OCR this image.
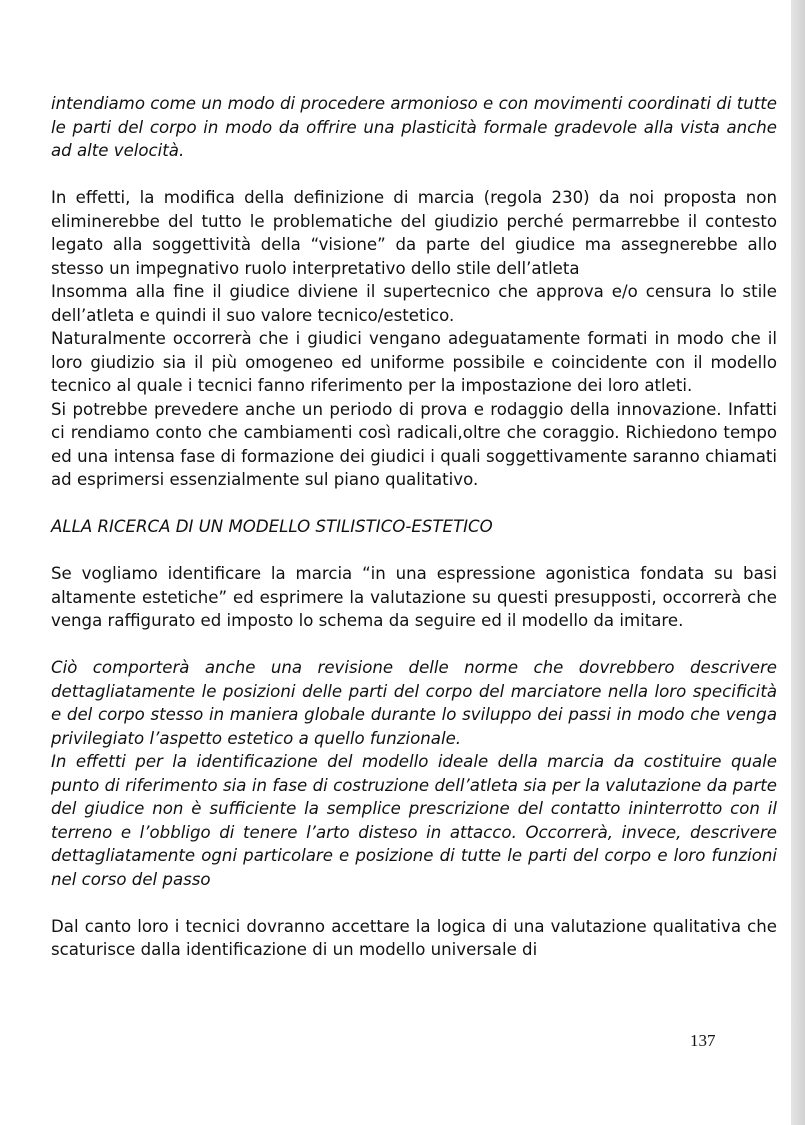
intendiamo come un modo di procedere armonioso e con movimenti coordinati di tutte le parti del corpo in modo da offrire una plasticità formale gradevole alla vista anche ad alte velocità.

In effetti, la modifica della definizione di marcia (regola 230) da noi proposta non eliminerebbe del tutto le problematiche del giudizio perché permarrebbe il contesto legato alla soggettività della “visione” da parte del giudice ma assegnerebbe allo stesso un impegnativo ruolo interpretativo dello stile dell’atleta

Insomma alla fine il giudice diviene il supertecnico che approva e/o censura lo stile dell’atleta e quindi il suo valore tecnico/estetico.

Naturalmente occorrerà che i giudici vengano adeguatamente formati in modo che il loro giudizio sia il più omogeneo ed uniforme possibile e coincidente con il modello tecnico al quale i tecnici fanno riferimento per la impostazione dei loro atleti.

Si potrebbe prevedere anche un periodo di prova e rodaggio della innovazione. Infatti ci rendiamo conto che cambiamenti così radicali,oltre che coraggio. Richiedono tempo ed una intensa fase di formazione dei giudici i quali soggettivamente saranno chiamati ad esprimersi essenzialmente sul piano qualitativo.

ALLA RICERCA DI UN MODELLO STILISTICO-ESTETICO

Se vogliamo identificare la marcia “in una espressione agonistica fondata su basi altamente estetiche” ed esprimere la valutazione su questi presupposti, occorrerà che venga raffigurato ed imposto lo schema da seguire ed il modello da imitare.

Ciò comporterà anche una revisione delle norme che dovrebbero descrivere dettagliatamente le posizioni delle parti del corpo del marciatore nella loro specificità e del corpo stesso in maniera globale durante lo sviluppo dei passi in modo che venga privilegiato l’aspetto estetico a quello funzionale.

In effetti per la identificazione del modello ideale della marcia da costituire quale punto di riferimento sia in fase di costruzione dell’atleta sia per la valutazione da parte del giudice non è sufficiente la semplice prescrizione del contatto ininterrotto con il terreno e l’obbligo di tenere l’arto disteso in attacco. Occorrerà, invece, descrivere dettagliatamente ogni particolare e posizione di tutte le parti del corpo e loro funzioni nel corso del passo

Dal canto loro i tecnici dovranno accettare la logica di una valutazione qualitativa che scaturisce dalla identificazione di un modello universale di

137
